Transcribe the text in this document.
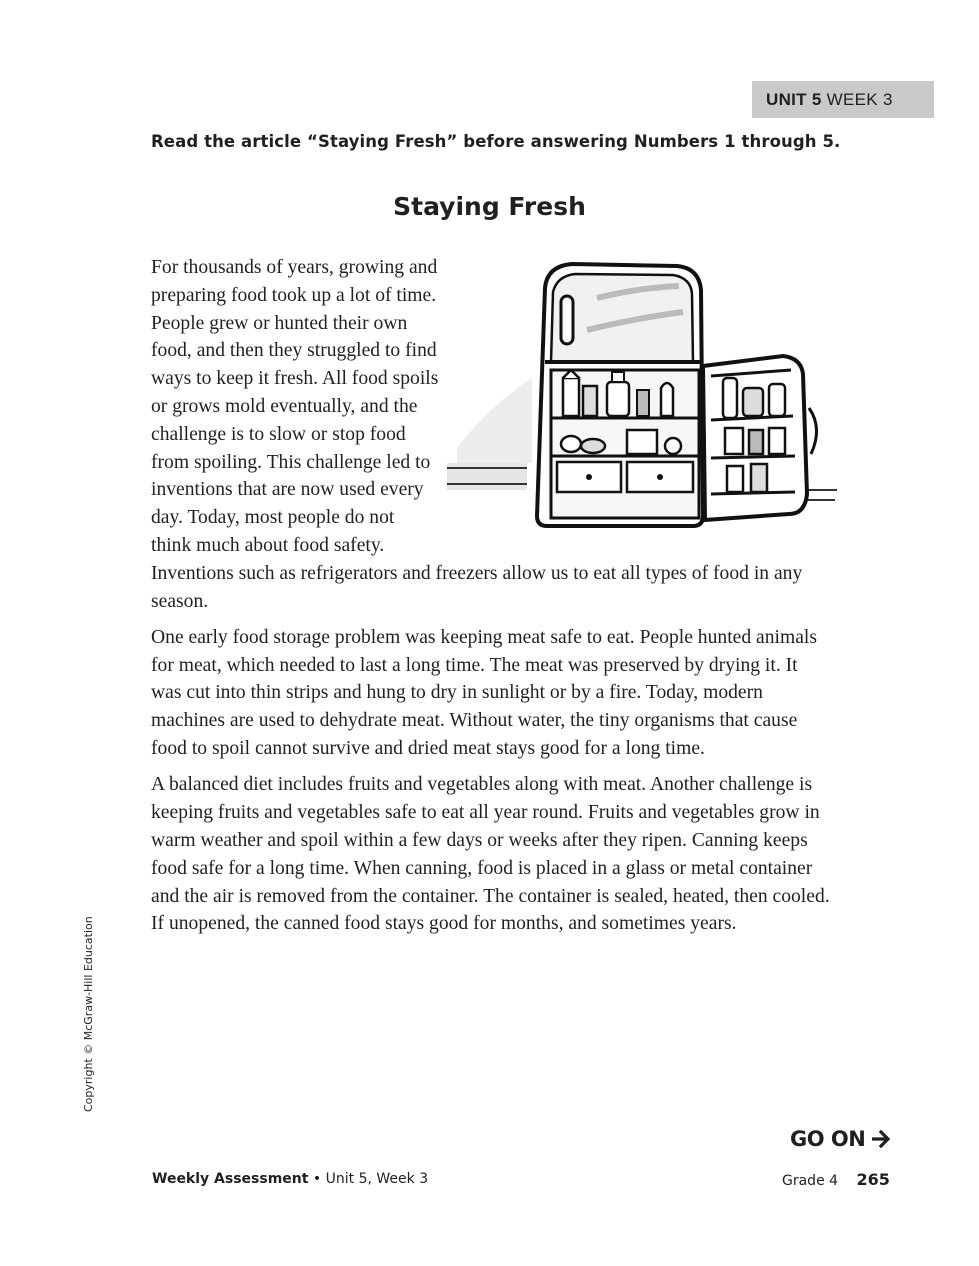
UNIT 5 WEEK 3
Read the article “Staying Fresh” before answering Numbers 1 through 5.
Staying Fresh

For thousands of years, growing and preparing food took up a lot of time. People grew or hunted their own food, and then they struggled to find ways to keep it fresh. All food spoils or grows mold eventually, and the challenge is to slow or stop food from spoiling. This challenge led to inventions that are now used every day. Today, most people do not think much about food safety. Inventions such as refrigerators and freezers allow us to eat all types of food in any season.

One early food storage problem was keeping meat safe to eat. People hunted animals for meat, which needed to last a long time. The meat was preserved by drying it. It was cut into thin strips and hung to dry in sunlight or by a fire. Today, modern machines are used to dehydrate meat. Without water, the tiny organisms that cause food to spoil cannot survive and dried meat stays good for a long time.

A balanced diet includes fruits and vegetables along with meat. Another challenge is keeping fruits and vegetables safe to eat all year round. Fruits and vegetables grow in warm weather and spoil within a few days or weeks after they ripen. Canning keeps food safe for a long time. When canning, food is placed in a glass or metal container and the air is removed from the container. The container is sealed, heated, then cooled. If unopened, the canned food stays good for months, and sometimes years.

Copyright © McGraw-Hill Education
GO ON
Weekly Assessment • Unit 5, Week 3	Grade 4 265
